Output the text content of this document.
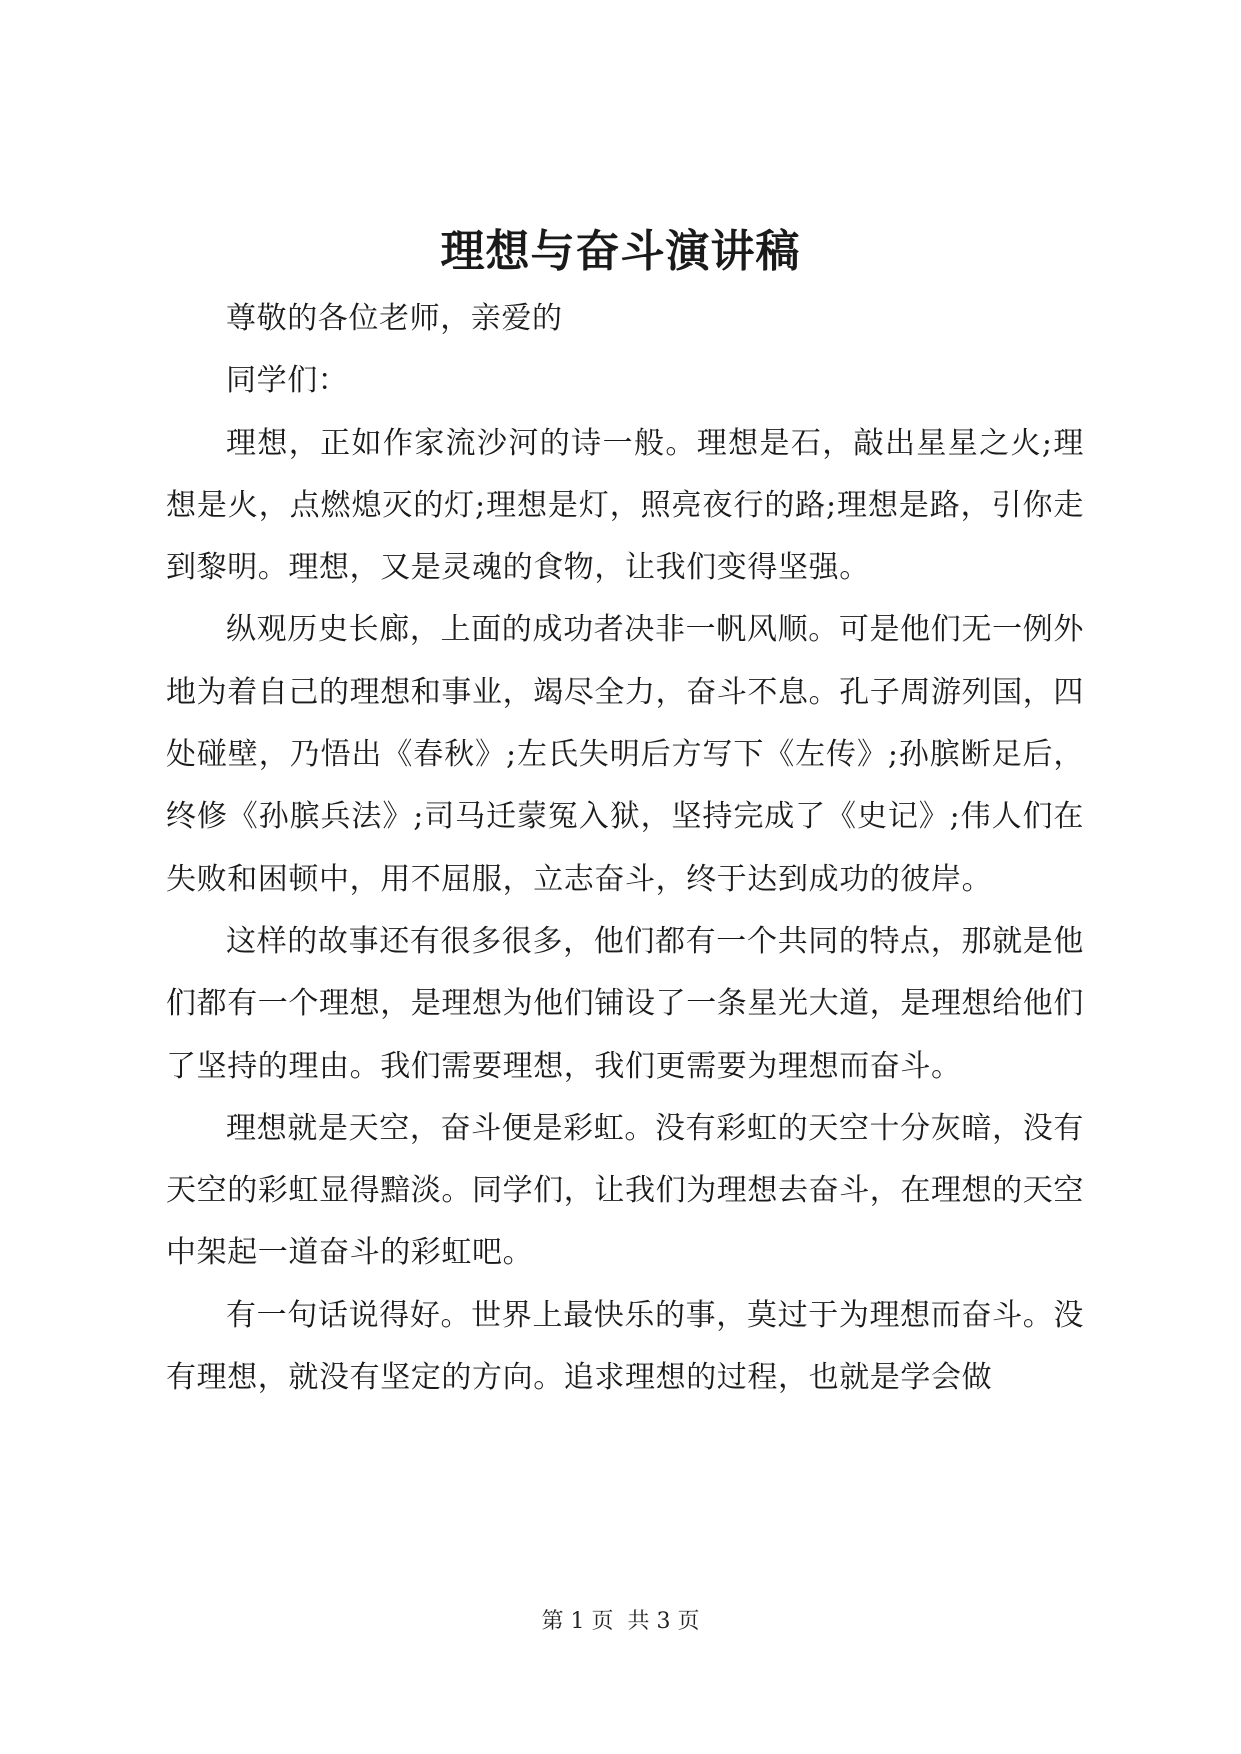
理想与奋斗演讲稿

尊敬的各位老师，亲爱的

同学们：

理想，正如作家流沙河的诗一般。理想是石，敲出星星之火;理想是火，点燃熄灭的灯;理想是灯，照亮夜行的路;理想是路，引你走到黎明。理想，又是灵魂的食物，让我们变得坚强。

纵观历史长廊，上面的成功者决非一帆风顺。可是他们无一例外地为着自己的理想和事业，竭尽全力，奋斗不息。孔子周游列国，四处碰壁，乃悟出《春秋》;左氏失明后方写下《左传》;孙膑断足后，终修《孙膑兵法》;司马迁蒙冤入狱，坚持完成了《史记》;伟人们在失败和困顿中，用不屈服，立志奋斗，终于达到成功的彼岸。

这样的故事还有很多很多，他们都有一个共同的特点，那就是他们都有一个理想，是理想为他们铺设了一条星光大道，是理想给他们了坚持的理由。我们需要理想，我们更需要为理想而奋斗。

理想就是天空，奋斗便是彩虹。没有彩虹的天空十分灰暗，没有天空的彩虹显得黯淡。同学们，让我们为理想去奋斗，在理想的天空中架起一道奋斗的彩虹吧。

有一句话说得好。世界上最快乐的事，莫过于为理想而奋斗。没有理想，就没有坚定的方向。追求理想的过程，也就是学会做

第 1 页  共 3 页
